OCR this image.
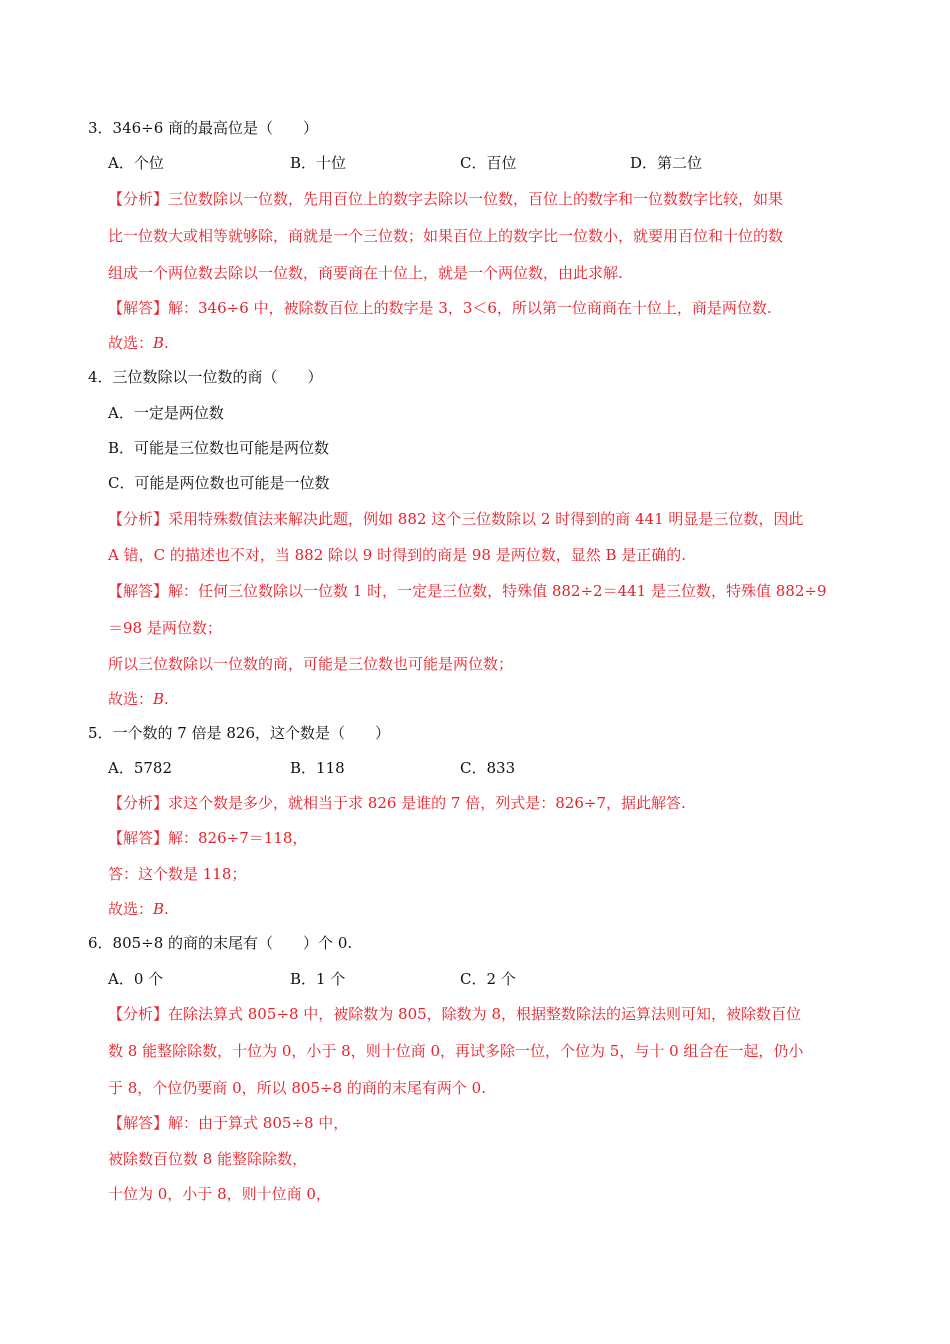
3．346÷6 商的最高位是（　　）
A．个位	B．十位	C．百位	D．第二位
【分析】三位数除以一位数，先用百位上的数字去除以一位数，百位上的数字和一位数数字比较，如果
比一位数大或相等就够除，商就是一个三位数；如果百位上的数字比一位数小，就要用百位和十位的数
组成一个两位数去除以一位数，商要商在十位上，就是一个两位数，由此求解.
【解答】解：346÷6 中，被除数百位上的数字是 3，3＜6，所以第一位商商在十位上，商是两位数.
故选：B.
4．三位数除以一位数的商（　　）
A．一定是两位数
B．可能是三位数也可能是两位数
C．可能是两位数也可能是一位数
【分析】采用特殊数值法来解决此题，例如 882 这个三位数除以 2 时得到的商 441 明显是三位数，因此
A 错，C 的描述也不对，当 882 除以 9 时得到的商是 98 是两位数，显然 B 是正确的.
【解答】解：任何三位数除以一位数 1 时，一定是三位数，特殊值 882÷2＝441 是三位数，特殊值 882÷9
＝98 是两位数；
所以三位数除以一位数的商，可能是三位数也可能是两位数；
故选：B.
5．一个数的 7 倍是 826，这个数是（　　）
A．5782	B．118	C．833
【分析】求这个数是多少，就相当于求 826 是谁的 7 倍，列式是：826÷7，据此解答.
【解答】解：826÷7＝118，
答：这个数是 118；
故选：B.
6．805÷8 的商的末尾有（　　）个 0.
A．0 个	B．1 个	C．2 个
【分析】在除法算式 805÷8 中，被除数为 805，除数为 8，根据整数除法的运算法则可知，被除数百位
数 8 能整除除数，十位为 0，小于 8，则十位商 0，再试多除一位，个位为 5，与十 0 组合在一起，仍小
于 8，个位仍要商 0，所以 805÷8 的商的末尾有两个 0.
【解答】解：由于算式 805÷8 中，
被除数百位数 8 能整除除数，
十位为 0，小于 8，则十位商 0，
